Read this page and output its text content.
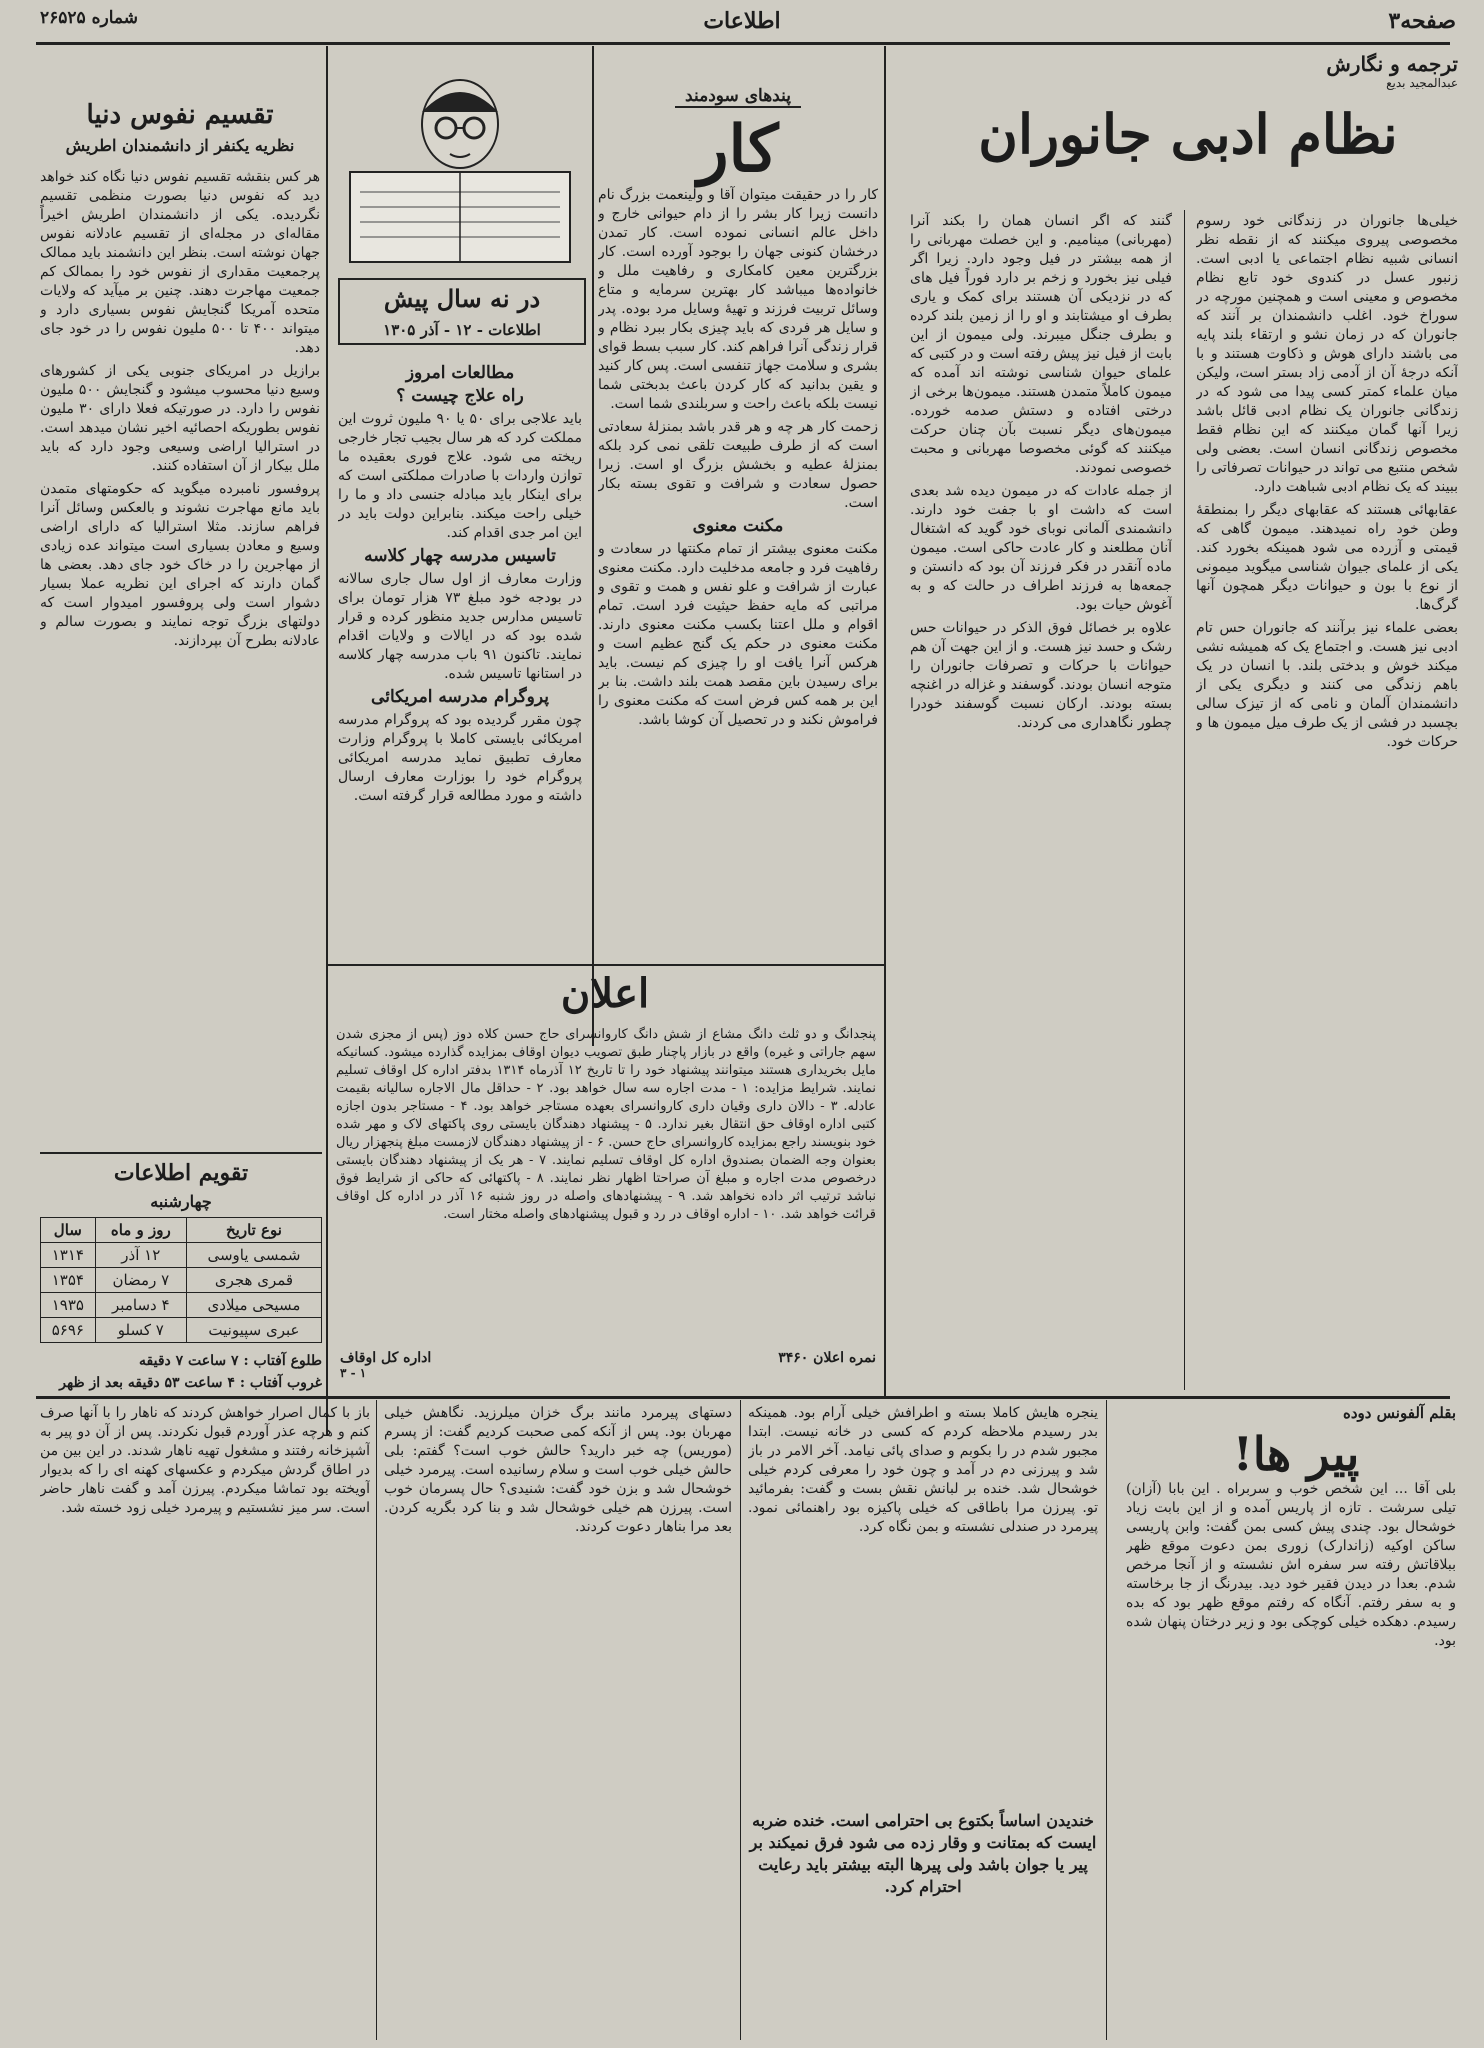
صفحه۳
اطلاعات
شماره ۲۶۵۲۵
ترجمه و نگارش
عبدالمجید بدیع
نظام ادبی جانوران

خیلی‌ها جانوران در زندگانی خود رسوم مخصوصی پیروی میکنند که از نقطه نظر انسانی شبیه نظام اجتماعی یا ادبی است. زنبور عسل در کندوی خود تابع نظام مخصوص و معینی است و همچنین مورچه در سوراخ خود. اغلب دانشمندان بر آنند که جانوران که در زمان نشو و ارتقاء بلند پایه می باشند دارای هوش و ذکاوت هستند و با آنکه درجهٔ آن از آدمی زاد بستر است، ولیکن میان علماء کمتر کسی پیدا می شود که در زندگانی جانوران یک نظام ادبی قائل باشد زیرا آنها گمان میکنند که این نظام فقط مخصوص زندگانی انسان است. بعضی ولی شخص منتبع می تواند در حیوانات تصرفاتی را ببیند که یک نظام ادبی شباهت دارد.

عقابهائی هستند که عقابهای دیگر را بمنطقهٔ وطن خود راه نمیدهند. میمون گاهی که قیمتی و آزرده می شود همینکه بخورد کند. یکی از علمای جیوان شناسی میگوید میمونی از نوع با بون و حیوانات دیگر همچون آنها گرگ‌ها.

بعضی علماء نیز برآنند که جانوران حس تام ادبی نیز هست. و اجتماع یک که همیشه نشی میکند خوش و بدختی بلند. با انسان در یک باهم زندگی می کنند و دیگری یکی از دانشمندان آلمان و نامی که از تیزک سالی بچسبد در فشی از یک طرف میل میمون ها و حرکات خود.

گنند که اگر انسان همان را بکند آنرا (مهربانی) مینامیم. و این خصلت مهربانی را از همه بیشتر در فیل وجود دارد. زیرا اگر فیلی نیز بخورد و زخم بر دارد فوراً فیل های که در نزدیکی آن هستند برای کمک و یاری بطرف او میشتابند و او را از زمین بلند کرده و بطرف جنگل میبرند. ولی میمون از این بابت از فیل نیز پیش رفته است و در کتبی که علمای حیوان شناسی نوشته اند آمده که میمون کاملاً متمدن هستند. میمون‌ها برخی از درختی افتاده و دستش صدمه خورده. میمون‌های دیگر نسبت بآن چنان حرکت میکنند که گوئی مخصوصا مهربانی و محبت خصوصی نمودند.

از جمله عادات که در میمون دیده شد بعدی است که داشت او با جفت خود دارند. دانشمندی آلمانی نوبای خود گوید که اشتغال آنان مطلعند و کار عادت حاکی است. میمون ماده آنقدر در فکر فرزند آن بود که دانستن و جمعه‌ها به فرزند اطراف در حالت که و به آغوش حیات بود.

علاوه بر خصائل فوق الذکر در حیوانات حس رشک و حسد نیز هست. و از این جهت آن هم حیوانات با حرکات و تصرفات جانوران را متوجه انسان بودند. گوسفند و غزاله در اغنچه بسته بودند. ارکان نسبت گوسفند خودرا چطور نگاهداری می کردند.

پندهای سودمند
کار

کار را در حقیقت میتوان آقا و ولینعمت بزرگ نام دانست زیرا کار بشر را از دام حیوانی خارج و داخل عالم انسانی نموده است. کار تمدن درخشان کنونی جهان را بوجود آورده است. کار بزرگترین معین کامکاری و رفاهیت ملل و خانواده‌ها میباشد کار بهترین سرمایه و متاع وسائل تربیت فرزند و تهیهٔ وسایل مرد بوده. پدر و سایل هر فردی که باید چیزی بکار ببرد نظام و قرار زندگی آنرا فراهم کند. کار سبب بسط قوای بشری و سلامت جهاز تنفسی است. پس کار کنید و یقین بدانید که کار کردن باعث بدبختی شما نیست بلکه باعث راحت و سربلندی شما است.

زحمت کار هر چه و هر قدر باشد بمنزلهٔ سعادتی است که از طرف طبیعت تلقی نمی کرد بلکه بمنزلهٔ عطیه و بخشش بزرگ او است. زیرا حصول سعادت و شرافت و تقوی بسته بکار است.

مکنت معنوی

مکنت معنوی بیشتر از تمام مکنتها در سعادت و رفاهیت فرد و جامعه مدخلیت دارد. مکنت معنوی عبارت از شرافت و علو نفس و همت و تقوی و مراتبی که مایه حفظ حیثیت فرد است. تمام اقوام و ملل اعتنا بکسب مکنت معنوی دارند. مکنت معنوی در حکم یک گنج عظیم است و هرکس آنرا یافت او را چیزی کم نیست. باید برای رسیدن باین مقصد همت بلند داشت. بنا بر این بر همه کس فرض است که مکنت معنوی را فراموش نکند و در تحصیل آن کوشا باشد.

در نه سال پیش
اطلاعات - ۱۲ - آذر ۱۳۰۵
مطالعات امروز
راه علاج چیست ؟

باید علاجی برای ۵۰ یا ۹۰ ملیون ثروت این مملکت کرد که هر سال بجیب تجار خارجی ریخته می شود. علاج فوری بعقیده ما توازن واردات با صادرات مملکتی است که برای اینکار باید مبادله جنسی داد و ما را خیلی راحت میکند. بنابراین دولت باید در این امر جدی اقدام کند.

تاسیس مدرسه چهار کلاسه

وزارت معارف از اول سال جاری سالانه در بودجه خود مبلغ ۷۳ هزار تومان برای تاسیس مدارس جدید منظور کرده و قرار شده بود که در ایالات و ولایات اقدام نمایند. تاکنون ۹۱ باب مدرسه چهار کلاسه در استانها تاسیس شده.

پروگرام مدرسه امریکائی

چون مقرر گردیده بود که پروگرام مدرسه امریکائی بایستی کاملا با پروگرام وزارت معارف تطبیق نماید مدرسه امریکائی پروگرام خود را بوزارت معارف ارسال داشته و مورد مطالعه قرار گرفته است.

تقسیم نفوس دنیا
نظریه یکنفر از دانشمندان اطریش

هر کس بنقشه تقسیم نفوس دنیا نگاه کند خواهد دید که نفوس دنیا بصورت منظمی تقسیم نگردیده. یکی از دانشمندان اطریش اخیراً مقاله‌ای در مجله‌ای از تقسیم عادلانه نفوس جهان نوشته است. بنظر این دانشمند باید ممالک پرجمعیت مقداری از نفوس خود را بممالک کم جمعیت مهاجرت دهند. چنین بر میآید که ولایات متحده آمریکا گنجایش نفوس بسیاری دارد و میتواند ۴۰۰ تا ۵۰۰ ملیون نفوس را در خود جای دهد.

برازیل در امریکای جنوبی یکی از کشورهای وسیع دنیا محسوب میشود و گنجایش ۵۰۰ ملیون نفوس را دارد. در صورتیکه فعلا دارای ۳۰ ملیون نفوس بطوریکه احصائیه اخیر نشان میدهد است. در استرالیا اراضی وسیعی وجود دارد که باید ملل بیکار از آن استفاده کنند.

پروفسور نامبرده میگوید که حکومتهای متمدن باید مانع مهاجرت نشوند و بالعکس وسائل آنرا فراهم سازند. مثلا استرالیا که دارای اراضی وسیع و معادن بسیاری است میتواند عده زیادی از مهاجرین را در خاک خود جای دهد. بعضی ها گمان دارند که اجرای این نظریه عملا بسیار دشوار است ولی پروفسور امیدوار است که دولتهای بزرگ توجه نمایند و بصورت سالم و عادلانه بطرح آن بپردازند.

تقویم اطلاعات
چهارشنبه
نوع تاریخ	روز و ماه	سال
شمسی یاوسی	۱۲ آذر	۱۳۱۴
قمری هجری	۷ رمضان	۱۳۵۴
مسیحی میلادی	۴ دسامبر	۱۹۳۵
عبری سپیونیت	۷ کسلو	۵۶۹۶
طلوع آفتاب : ۷ ساعت ۷ دقیقه
غروب آفتاب : ۴ ساعت ۵۳ دقیقه بعد از ظهر
اعلان

پنجدانگ و دو ثلث دانگ مشاع از شش دانگ کاروانسرای حاج حسن کلاه دوز (پس از مجزی شدن سهم جاراتی و غیره) واقع در بازار پاچنار طبق تصویب دیوان اوقاف بمزایده گذارده میشود. کسانیکه مایل بخریداری هستند میتوانند پیشنهاد خود را تا تاریخ ۱۲ آذرماه ۱۳۱۴ بدفتر اداره کل اوقاف تسلیم نمایند. شرایط مزایده: ۱ - مدت اجاره سه سال خواهد بود. ۲ - حداقل مال الاجاره سالیانه بقیمت عادله. ۳ - دالان داری وقیان داری کاروانسرای بعهده مستاجر خواهد بود. ۴ - مستاجر بدون اجازه کتبی اداره اوقاف حق انتقال بغیر ندارد. ۵ - پیشنهاد دهندگان بایستی روی پاکتهای لاک و مهر شده خود بنویسند راجع بمزایده کاروانسرای حاج حسن. ۶ - از پیشنهاد دهندگان لازمست مبلغ پنجهزار ریال بعنوان وجه الضمان بصندوق اداره کل اوقاف تسلیم نمایند. ۷ - هر یک از پیشنهاد دهندگان بایستی درخصوص مدت اجاره و مبلغ آن صراحتا اظهار نظر نمایند. ۸ - پاکتهائی که حاکی از شرایط فوق نباشد ترتیب اثر داده نخواهد شد. ۹ - پیشنهادهای واصله در روز شنبه ۱۶ آذر در اداره کل اوقاف قرائت خواهد شد. ۱۰ - اداره اوقاف در رد و قبول پیشنهادهای واصله مختار است.

اداره کل اوقاف	نمره اعلان ۳۴۶۰
۱ - ۳
بقلم آلفونس دوده
پیر ها!

بلی آقا ... این شخص خوب و سربراه . این بابا (آزان) تیلی سرشت . تازه از پاریس آمده و از این بابت زیاد خوشحال بود. چندی پیش کسی بمن گفت: وابن پاریسی ساکن اوکیه (زاندارک) زوری بمن دعوت موقع ظهر ببلاقاتش رفته سر سفره اش نشسته و از آنجا مرخص شدم. بعدا در دیدن فقیر خود دید. بیدرنگ از جا برخاسته و به سفر رفتم. آنگاه که رفتم موقع ظهر بود که بده رسیدم. دهکده خیلی کوچکی بود و زیر درختان پنهان شده بود.

ینجره هایش کاملا بسته و اطرافش خیلی آرام بود. همینکه بدر رسیدم ملاحظه کردم که کسی در خانه نیست. ابتدا مجبور شدم در را بکوبم و صدای پائی نیامد. آخر الامر در باز شد و پیرزنی دم در آمد و چون خود را معرفی کردم خیلی خوشحال شد. خنده بر لبانش نقش بست و گفت: بفرمائید تو. پیرزن مرا باطاقی که خیلی پاکیزه بود راهنمائی نمود. پیرمرد در صندلی نشسته و بمن نگاه کرد.

خندیدن اساساً بکتوع بی احترامی است. خنده ضربه ایست که بمتانت و وقار زده می شود فرق نمیکند بر پیر یا جوان باشد ولی پیرها البته بیشتر باید رعایت احترام کرد.

دستهای پیرمرد مانند برگ خزان میلرزید. نگاهش خیلی مهربان بود. پس از آنکه کمی صحبت کردیم گفت: از پسرم (موریس) چه خبر دارید؟ حالش خوب است؟ گفتم: بلی حالش خیلی خوب است و سلام رسانیده است. پیرمرد خیلی خوشحال شد و بزن خود گفت: شنیدی؟ حال پسرمان خوب است. پیرزن هم خیلی خوشحال شد و بنا کرد بگریه کردن. بعد مرا بناهار دعوت کردند.

باز با کمال اصرار خواهش کردند که ناهار را با آنها صرف کنم و هرچه عذر آوردم قبول نکردند. پس از آن دو پیر به آشپزخانه رفتند و مشغول تهیه ناهار شدند. در این بین من در اطاق گردش میکردم و عکسهای کهنه ای را که بدیوار آویخته بود تماشا میکردم. پیرزن آمد و گفت ناهار حاضر است. سر میز نشستیم و پیرمرد خیلی زود خسته شد.
